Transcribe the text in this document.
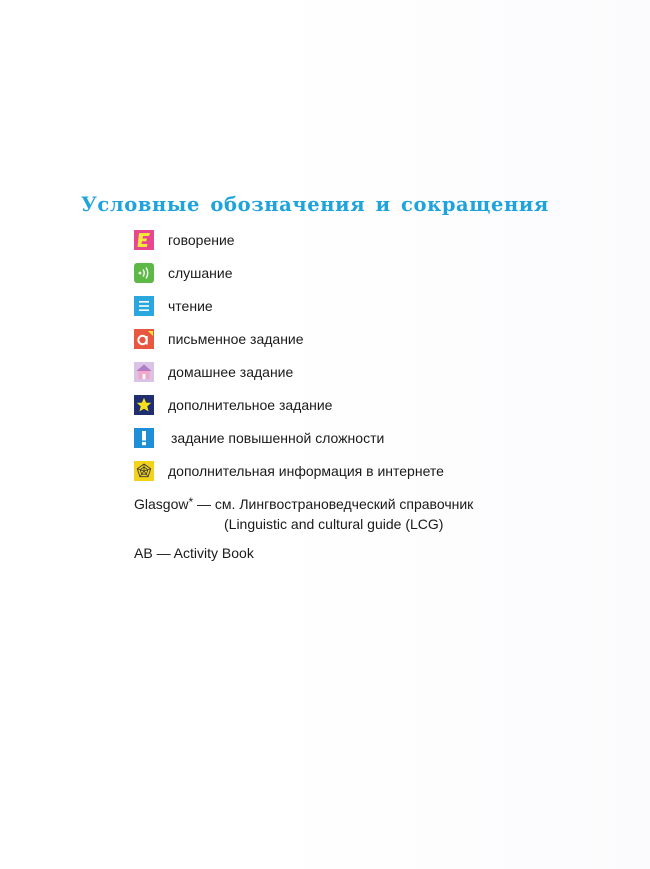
Условные обозначения и сокращения
говорение
слушание
чтение
письменное задание
домашнее задание
дополнительное задание
задание повышенной сложности
дополнительная информация в интернете
Glasgow* — см. Лингвострановедческий справочник
(Linguistic and cultural guide (LCG)
AB — Activity Book
